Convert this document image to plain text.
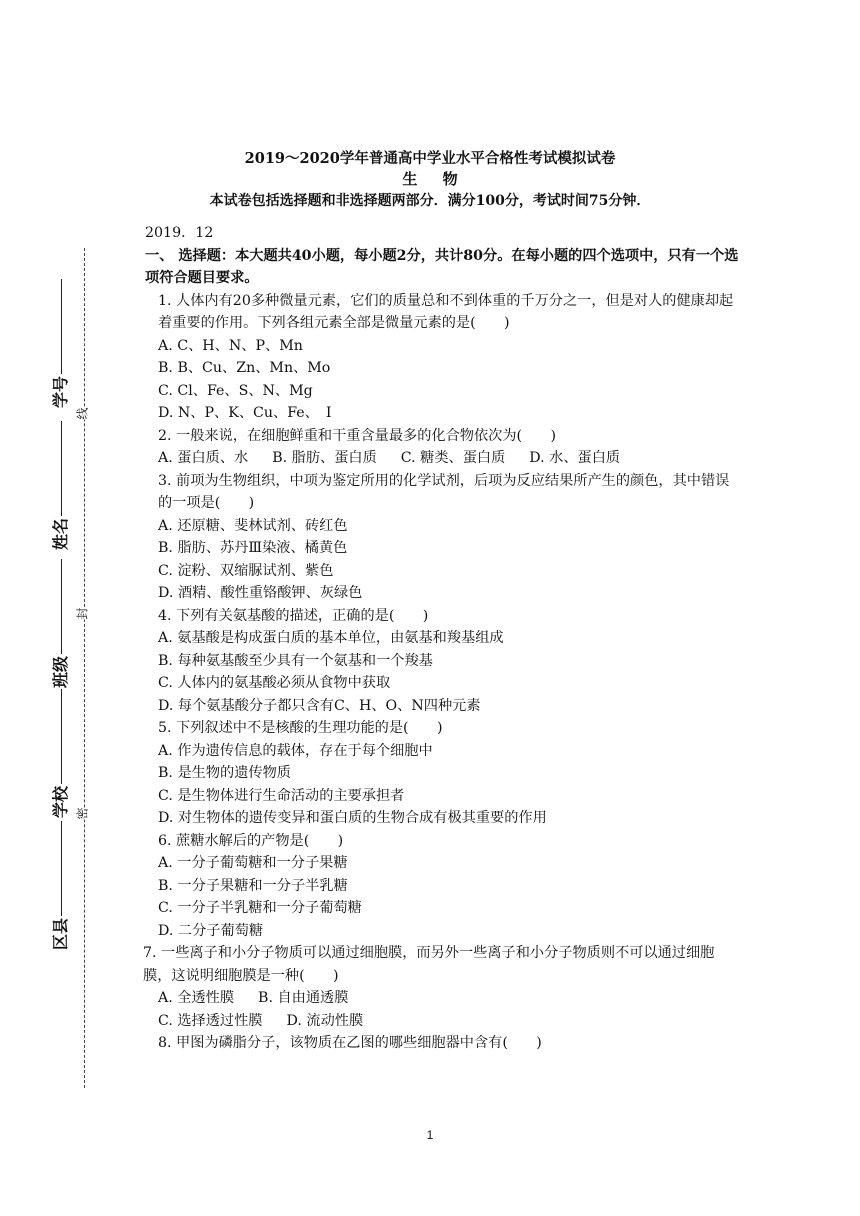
区县
学校
班级
姓名
学号
密
封
线
2019～2020学年普通高中学业水平合格性考试模拟试卷
生 物
本试卷包括选择题和非选择题两部分．满分100分，考试时间75分钟．
2019．12
一、 选择题：本大题共40小题，每小题2分，共计80分。在每小题的四个选项中，只有一个选项符合题目要求。
1. 人体内有20多种微量元素，它们的质量总和不到体重的千万分之一，但是对人的健康却起着重要的作用。下列各组元素全部是微量元素的是(　　)
A. C、H、N、P、Mn
B. B、Cu、Zn、Mn、Mo
C. Cl、Fe、S、N、Mg
D. N、P、K、Cu、Fe、　I
2. 一般来说，在细胞鲜重和干重含量最多的化合物依次为(　　)
A. 蛋白质、水 B. 脂肪、蛋白质 C. 糖类、蛋白质 D. 水、蛋白质
3. 前项为生物组织，中项为鉴定所用的化学试剂，后项为反应结果所产生的颜色，其中错误的一项是(　　)
A. 还原糖、斐林试剂、砖红色
B. 脂肪、苏丹Ⅲ染液、橘黄色
C. 淀粉、双缩脲试剂、紫色
D. 酒精、酸性重铬酸钾、灰绿色
4. 下列有关氨基酸的描述，正确的是(　　)
A. 氨基酸是构成蛋白质的基本单位，由氨基和羧基组成
B. 每种氨基酸至少具有一个氨基和一个羧基
C. 人体内的氨基酸必须从食物中获取
D. 每个氨基酸分子都只含有C、H、O、N四种元素
5. 下列叙述中不是核酸的生理功能的是(　　)
A. 作为遗传信息的载体，存在于每个细胞中
B. 是生物的遗传物质
C. 是生物体进行生命活动的主要承担者
D. 对生物体的遗传变异和蛋白质的生物合成有极其重要的作用
6. 蔗糖水解后的产物是(　　)
A. 一分子葡萄糖和一分子果糖
B. 一分子果糖和一分子半乳糖
C. 一分子半乳糖和一分子葡萄糖
D. 二分子葡萄糖
7. 一些离子和小分子物质可以通过细胞膜，而另外一些离子和小分子物质则不可以通过细胞膜，这说明细胞膜是一种(　　)
A. 全透性膜 B. 自由通透膜
C. 选择透过性膜 D. 流动性膜
8. 甲图为磷脂分子，该物质在乙图的哪些细胞器中含有(　　)
1
